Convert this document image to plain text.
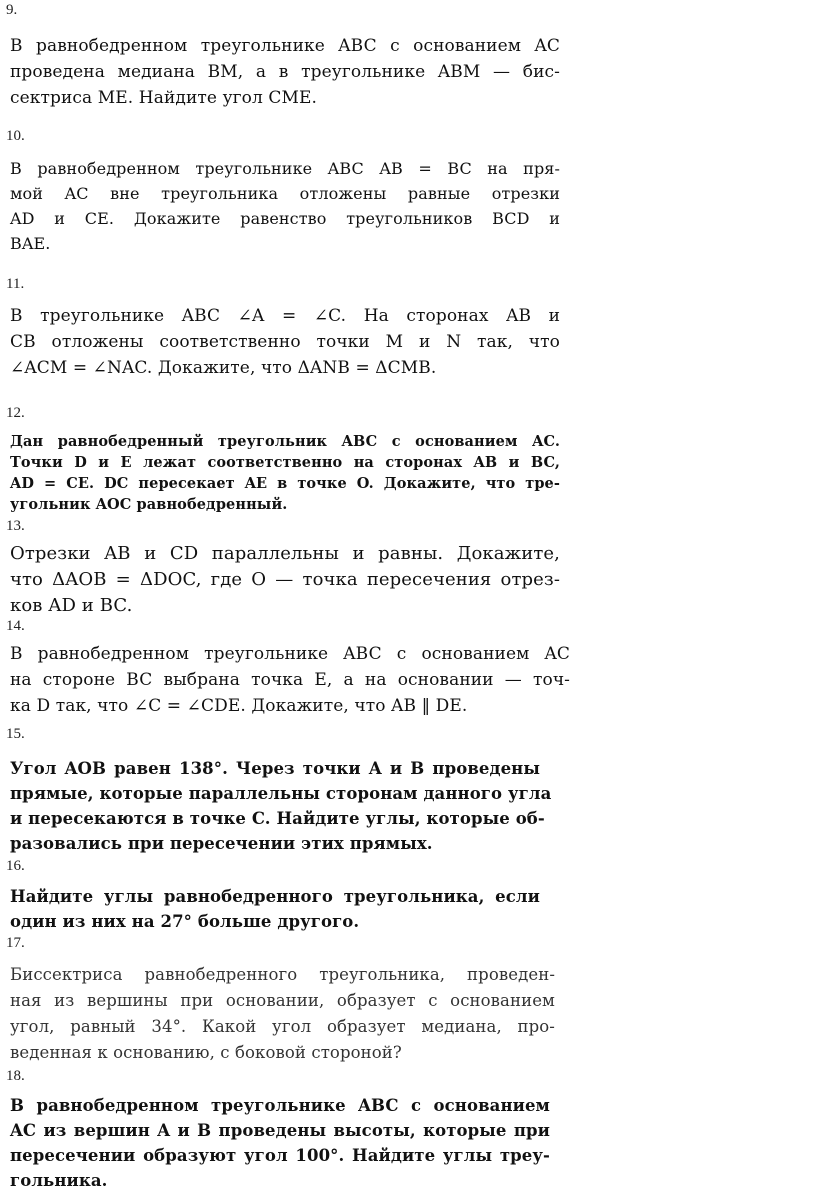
9.
В равнобедренном треугольнике ABC с основанием AC
проведена медиана BM, а в треугольнике ABM — бис-
сектриса ME. Найдите угол CME.
10.
В равнобедренном треугольнике ABC AB = BC на пря-
мой AC вне треугольника отложены равные отрезки
AD и CE. Докажите равенство треугольников BCD и
BAE.
11.
В треугольнике ABC ∠A = ∠C. На сторонах AB и
CB отложены соответственно точки M и N так, что
∠ACM = ∠NAC. Докажите, что ΔANB = ΔCMB.
12.
Дан равнобедренный треугольник ABC с основанием AC.
Точки D и E лежат соответственно на сторонах AB и BC,
AD = CE. DC пересекает AE в точке O. Докажите, что тре-
угольник AOC равнобедренный.
13.
Отрезки AB и CD параллельны и равны. Докажите,
что ΔAOB = ΔDOC, где O — точка пересечения отрез-
ков AD и BC.
14.
В равнобедренном треугольнике ABC с основанием AC
на стороне BC выбрана точка E, а на основании — точ-
ка D так, что ∠C = ∠CDE. Докажите, что AB ‖ DE.
15.
Угол AOB равен 138°. Через точки A и B проведены
прямые, которые параллельны сторонам данного угла
и пересекаются в точке C. Найдите углы, которые об-
разовались при пересечении этих прямых.
16.
Найдите углы равнобедренного треугольника, если
один из них на 27° больше другого.
17.
Биссектриса равнобедренного треугольника, проведен-
ная из вершины при основании, образует с основанием
угол, равный 34°. Какой угол образует медиана, про-
веденная к основанию, с боковой стороной?
18.
В равнобедренном треугольнике ABC с основанием
AC из вершин A и B проведены высоты, которые при
пересечении образуют угол 100°. Найдите углы треу-
гольника.
